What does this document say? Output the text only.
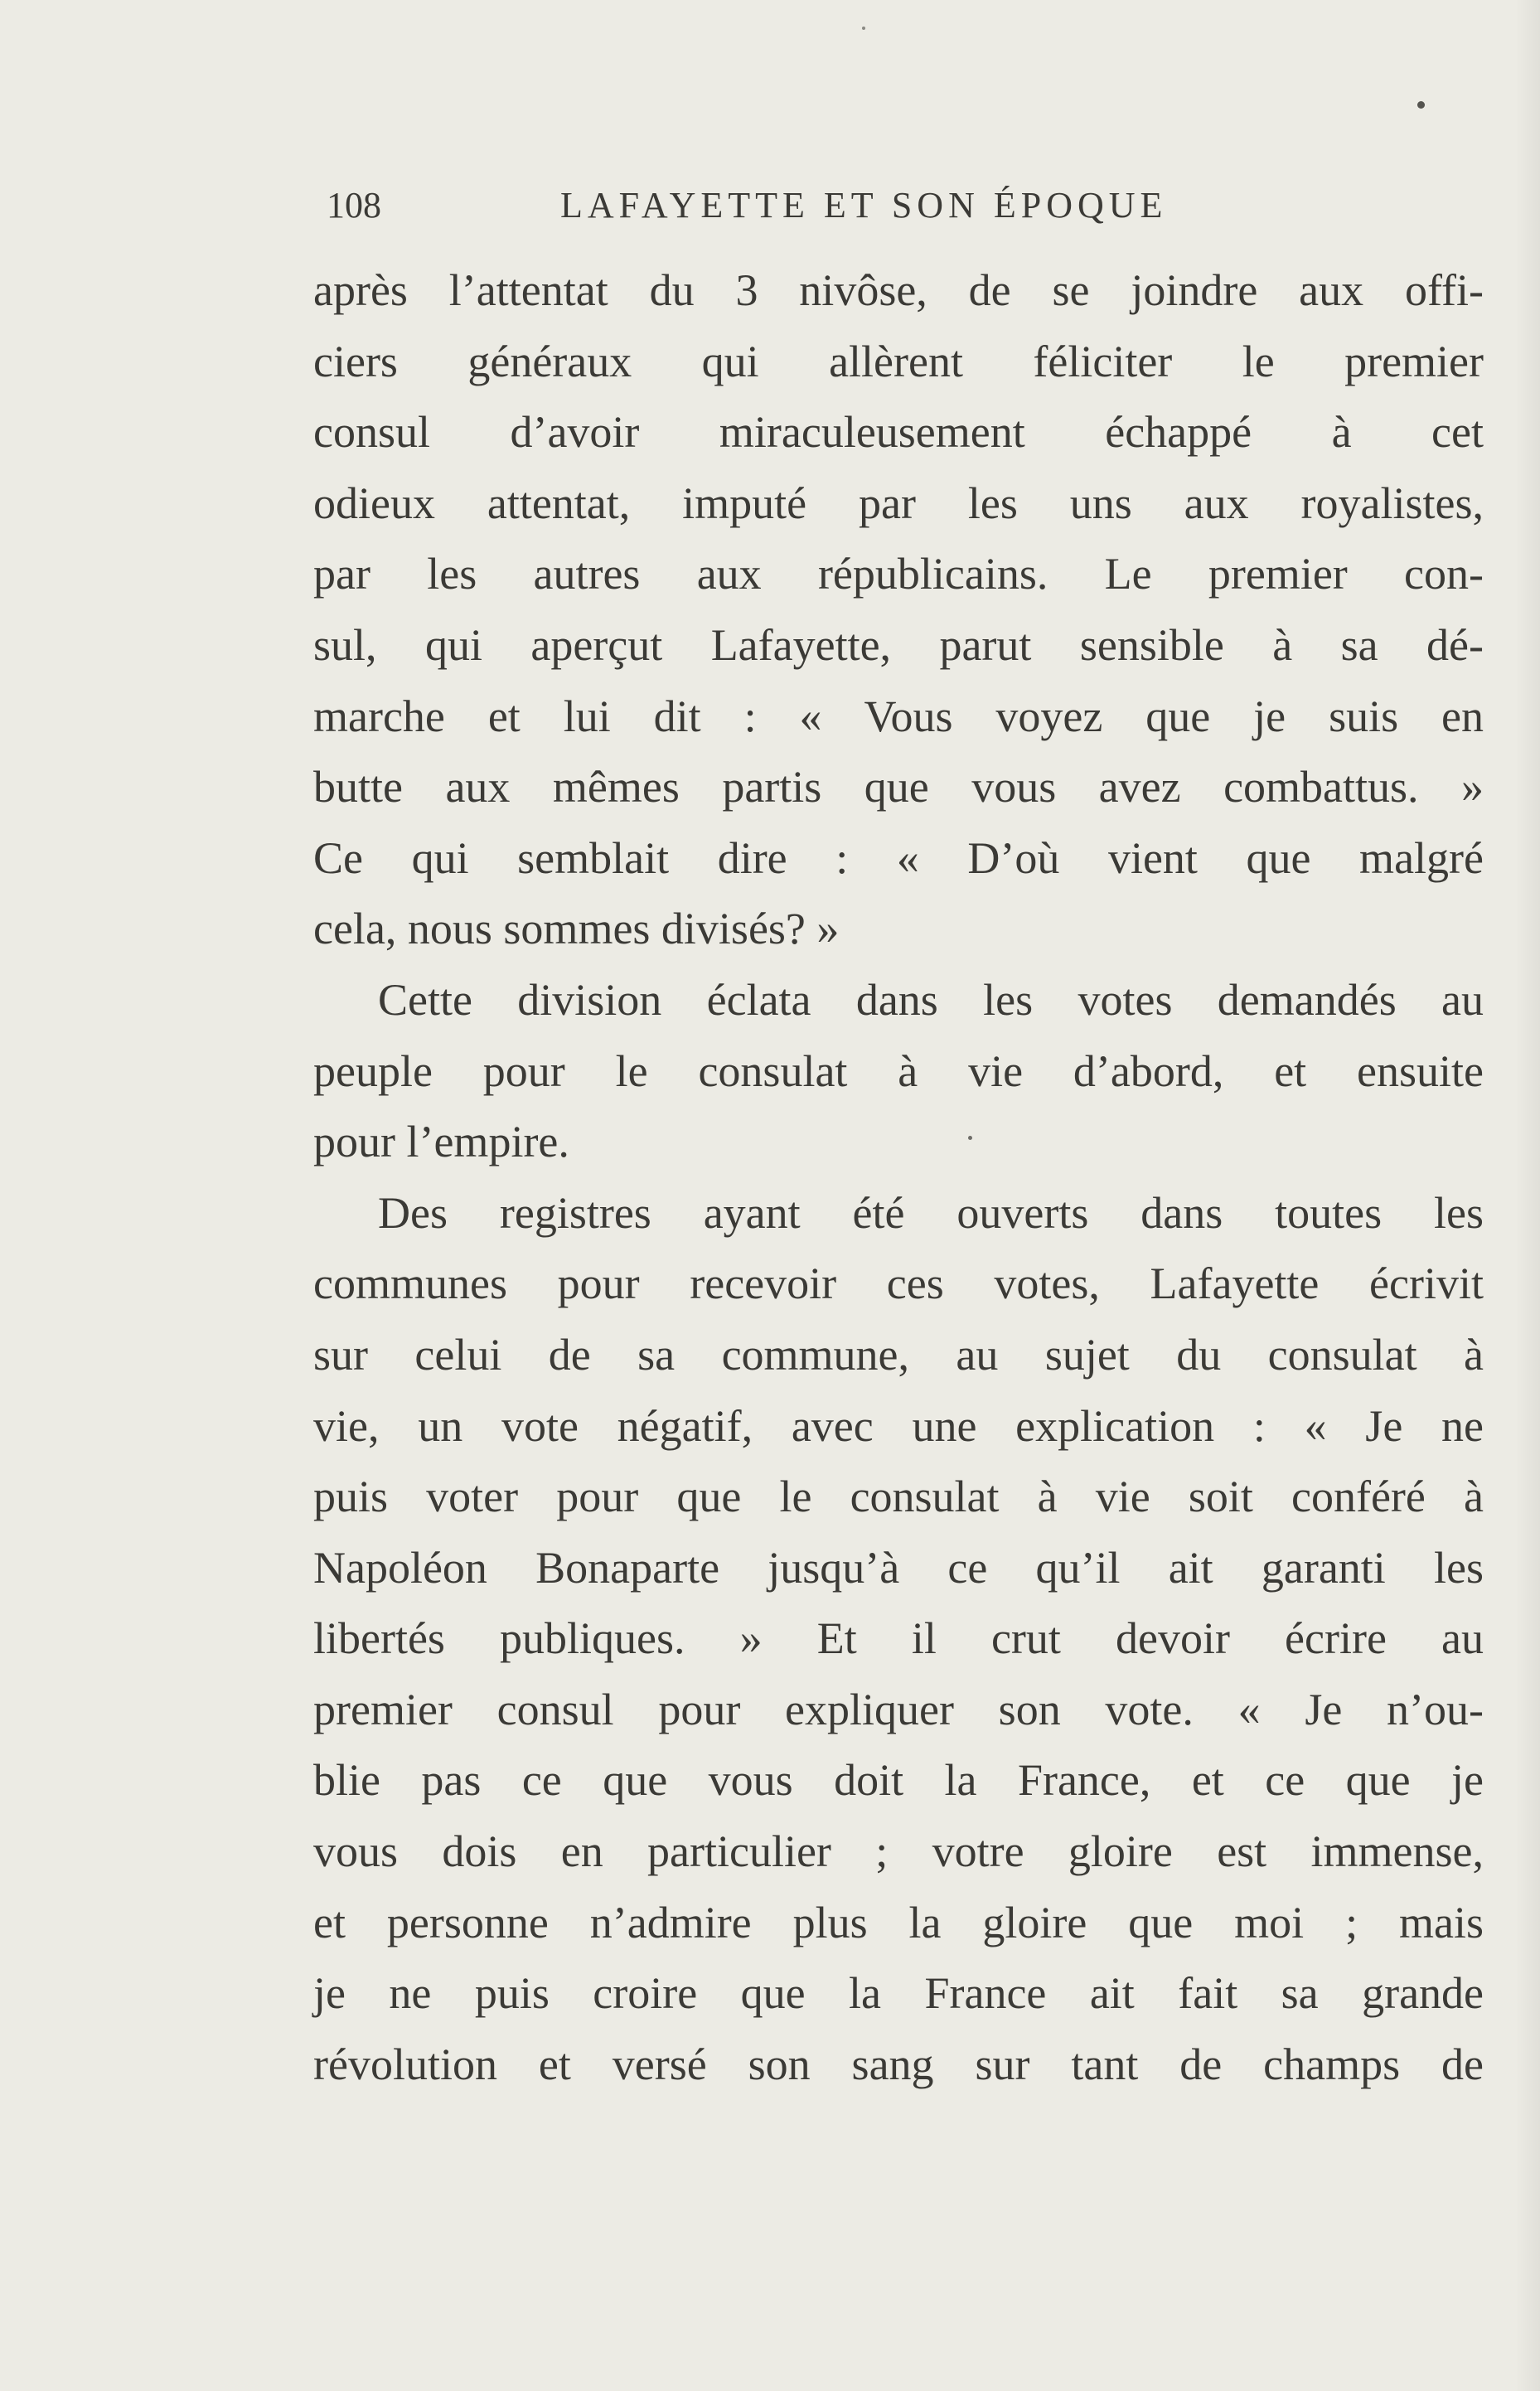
108	LAFAYETTE ET SON ÉPOQUE
après l’attentat du 3 nivôse, de se joindre aux offi-
ciers généraux qui allèrent féliciter le premier
consul d’avoir miraculeusement échappé à cet
odieux attentat, imputé par les uns aux royalistes,
par les autres aux républicains. Le premier con-
sul, qui aperçut Lafayette, parut sensible à sa dé-
marche et lui dit : « Vous voyez que je suis en
butte aux mêmes partis que vous avez combattus. »
Ce qui semblait dire : « D’où vient que malgré
cela, nous sommes divisés? »
Cette division éclata dans les votes demandés au
peuple pour le consulat à vie d’abord, et ensuite
pour l’empire.
Des registres ayant été ouverts dans toutes les
communes pour recevoir ces votes, Lafayette écrivit
sur celui de sa commune, au sujet du consulat à
vie, un vote négatif, avec une explication : « Je ne
puis voter pour que le consulat à vie soit conféré à
Napoléon Bonaparte jusqu’à ce qu’il ait garanti les
libertés publiques. » Et il crut devoir écrire au
premier consul pour expliquer son vote. « Je n’ou-
blie pas ce que vous doit la France, et ce que je
vous dois en particulier ; votre gloire est immense,
et personne n’admire plus la gloire que moi ; mais
je ne puis croire que la France ait fait sa grande
révolution et versé son sang sur tant de champs de
